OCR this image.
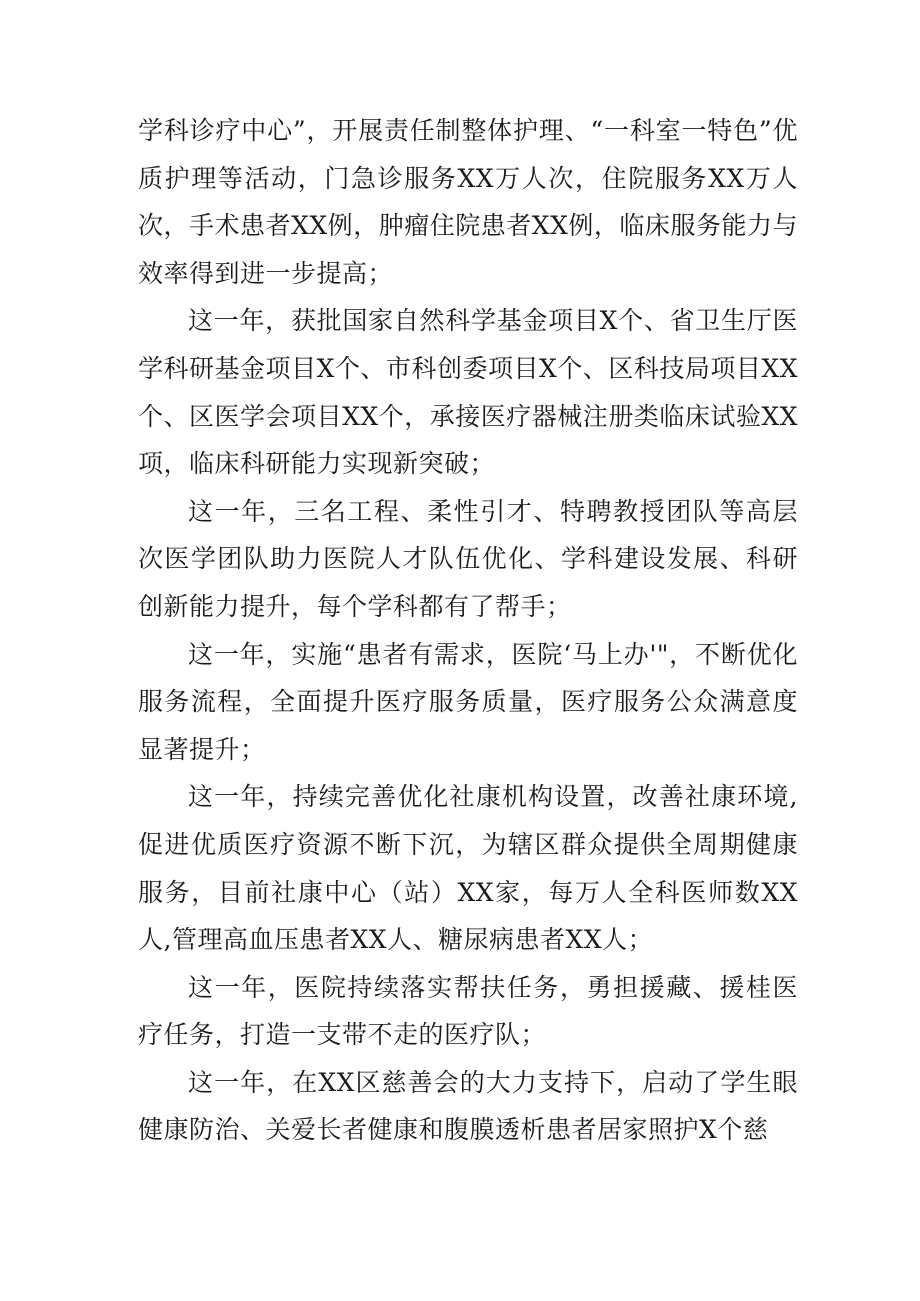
学科诊疗中心”，开展责任制整体护理、“一科室一特色”优质护理等活动，门急诊服务XX万人次，住院服务XX万人次，手术患者XX例，肿瘤住院患者XX例，临床服务能力与效率得到进一步提高；

这一年，获批国家自然科学基金项目X个、省卫生厅医学科研基金项目X个、市科创委项目X个、区科技局项目XX个、区医学会项目XX个，承接医疗器械注册类临床试验XX项，临床科研能力实现新突破；

这一年，三名工程、柔性引才、特聘教授团队等高层次医学团队助力医院人才队伍优化、学科建设发展、科研创新能力提升，每个学科都有了帮手；

这一年，实施“患者有需求，医院‘马上办'"，不断优化服务流程，全面提升医疗服务质量，医疗服务公众满意度显著提升；

这一年，持续完善优化社康机构设置，改善社康环境,促进优质医疗资源不断下沉，为辖区群众提供全周期健康服务，目前社康中心（站）XX家，每万人全科医师数XX人,管理高血压患者XX人、糖尿病患者XX人；

这一年，医院持续落实帮扶任务，勇担援藏、援桂医疗任务，打造一支带不走的医疗队；

这一年，在XX区慈善会的大力支持下，启动了学生眼健康防治、关爱长者健康和腹膜透析患者居家照护X个慈
